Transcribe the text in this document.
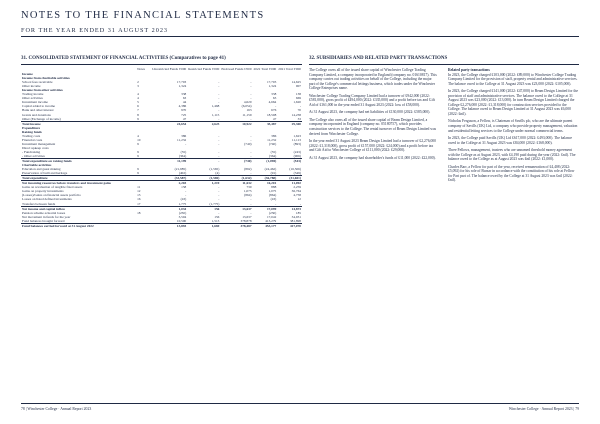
NOTES TO THE FINANCIAL STATEMENTS
FOR THE YEAR ENDED 31 AUGUST 2023
31. CONSOLIDATED STATEMENT OF FINANCIAL ACTIVITIES (Comparatives to page 41)	32. SUBSIDIARIES AND RELATED PARTY TRANSACTIONS
	Notes	Unrestricted Funds £'000	Restricted Funds £'000	Endowed Funds £'000	2022 Total £'000	2021 Total £'000
Income						
Income from charitable activities						
School fees receivable	2	17,703	-	-	17,703	14,625
Other income	3	1,324	-	-	1,324	907
Income from other activities						
Trading income	4	338	-	-	338	138
Other activities	4	63	-	-	63	669
Investment income	5	44	-	4,620	4,664	1,620
Capital added to income	6	4,386	1,468	(6,054)	-	-
Bank and other interest	7	970	-	163	676	70
Grants and donations	8	725	1,115	11,159	18,508	14,238
Other (Exchange of income)	9	47	-	-	47	33
Total income		24,654	2,623	10,922	35,487	29,300
Expenditure						
Raising funds						
Trading costs	4	386	-	-	386	1,623
Financial costs	10	11,232	-	-	11,232	11,113
Investment management	9	-	-	(740)	(740)	(893)
Direct upkeep costs						
- Fundraising	9	(55)	-	-	(55)	(243)
- Other activities	9	(364)	-	-	(364)	(906)
Total expenditure on raising funds		11,199	-	(740)	(1,090)	(543)
Charitable activities						
Education and guest making	9	(21,985)	(1,565)	(892)	(24,462)	(16,506)
Preservation of built and heritage	9	(402)	(4)	-	(91)	(349)
Total expenditure		(33,587)	(1,569)	(1,632)	(36,788)	(31,601)
Net incoming resources before transfers and investment gains		2,203	1,219	11,632	16,201	11,092
Gains on revaluation of tangible fixed assets	11	158	-	730	888	2,259
Gains on property investments	12	-	-	1,075	1,075	36,764
(Losses)/Gains on financial assets portfolio	13	-	-	(864)	(864)	4,758
Losses on listed defined investments	16	(43)	-	-	(43)	12
Transfers between funds	17	1,775	(1,775)	-	-	-
Net income and capital inflow		1,034	156	13,637	17,099	14,873
Pension scheme actuarial losses	18	(230)	-	-	(230)	185
Net movement in funds for the year		3,504	156	13,637	17,042	34,931
Fund balances brought forward		10,500	1,513	378,878	413,279	381,898
Fund balances carried forward at 31 August 2022		13,893	1,669	378,487	453,177	417,070

The College owns all of the issued share capital of Winchester College Trading Company Limited, a company incorporated in England (company no. 01610817). This company carries out trading activities on behalf of the College, including the major part of the College's commercial lettings business, which trades under the Winchester College Enterprises name.

Winchester College Trading Company Limited had a turnover of £942,000 (2022: £581,000), gross profit of £494,000 (2022: £335,000) and a profit before tax and Gift Aid of £161,000 in the year ended 31 August 2023 (2022: loss of £58,000).

At 31 August 2023, the company had net liabilities of £130,000 (2022: £585,000).

The College also owns all of the issued share capital of Beam Design Limited, a company incorporated in England (company no. 05180757), which provides construction services to the College. The rental turnover of Beam Design Limited was derived from Winchester College.

In the year ended 31 August 2023 Beam Design Limited had a turnover of £2,276,000 (2022: £1,318,000), gross profit of £157,000 (2022: £24,000) and a profit before tax and Gift Aid to Winchester College of £111,000 (2022: £29,000).

At 31 August 2023, the company had shareholder's funds of £11,000 (2022: £22,000).

Related party transactions

In 2023, the College charged £103,000 (2022: £89,000) to Winchester College Trading Company Limited for the provision of staff, property rental and administrative services. The balance owed to the College at 31 August 2023 was £23,000 (2022: £105,000).

In 2023, the College charged £141,000 (2022: £47,000) to Beam Design Limited for the provision of staff and administrative services. The balance owed to the College at 31 August 2023 was £23,000 (2022: £13,000). In turn Beam Design Limited charged the College £2,276,000 (2022: £1,318,000) for construction services provided to the College. The balance owed to Beam Design Limited at 31 August 2023 was £6,000 (2022: £nil).

Nicholas Ferguson, a Fellow, is Chairman of Savills plc, who are the ultimate parent company of Savills (UK) Ltd, a company who provide property management, valuation and residential letting services to the College under normal commercial terms.

In 2023, the College paid Savills (UK) Ltd £617,000 (2022: £493,000). The balance owed to the College at 31 August 2023 was £84,000 (2022: £168,000).

Three Fellows, management, trustees who are unnamed threshold money agreement with the College as at August 2023, with £4,190 paid during the year (2022: £nil). The balance owed to the College as at August 2023 was £nil (2022: £1,000).

Charles Barr, a Fellow for part of the year, received remuneration of £4,408 (2022: £5,092) for his role of Bursar in accordance with the constitution of his role at Fellow for Part part of. The balance owed by the College at 31 August 2023 was £nil (2022: £nil).

78 | Winchester College · Annual Report 2023	Winchester College · Annual Report 2023 | 79
